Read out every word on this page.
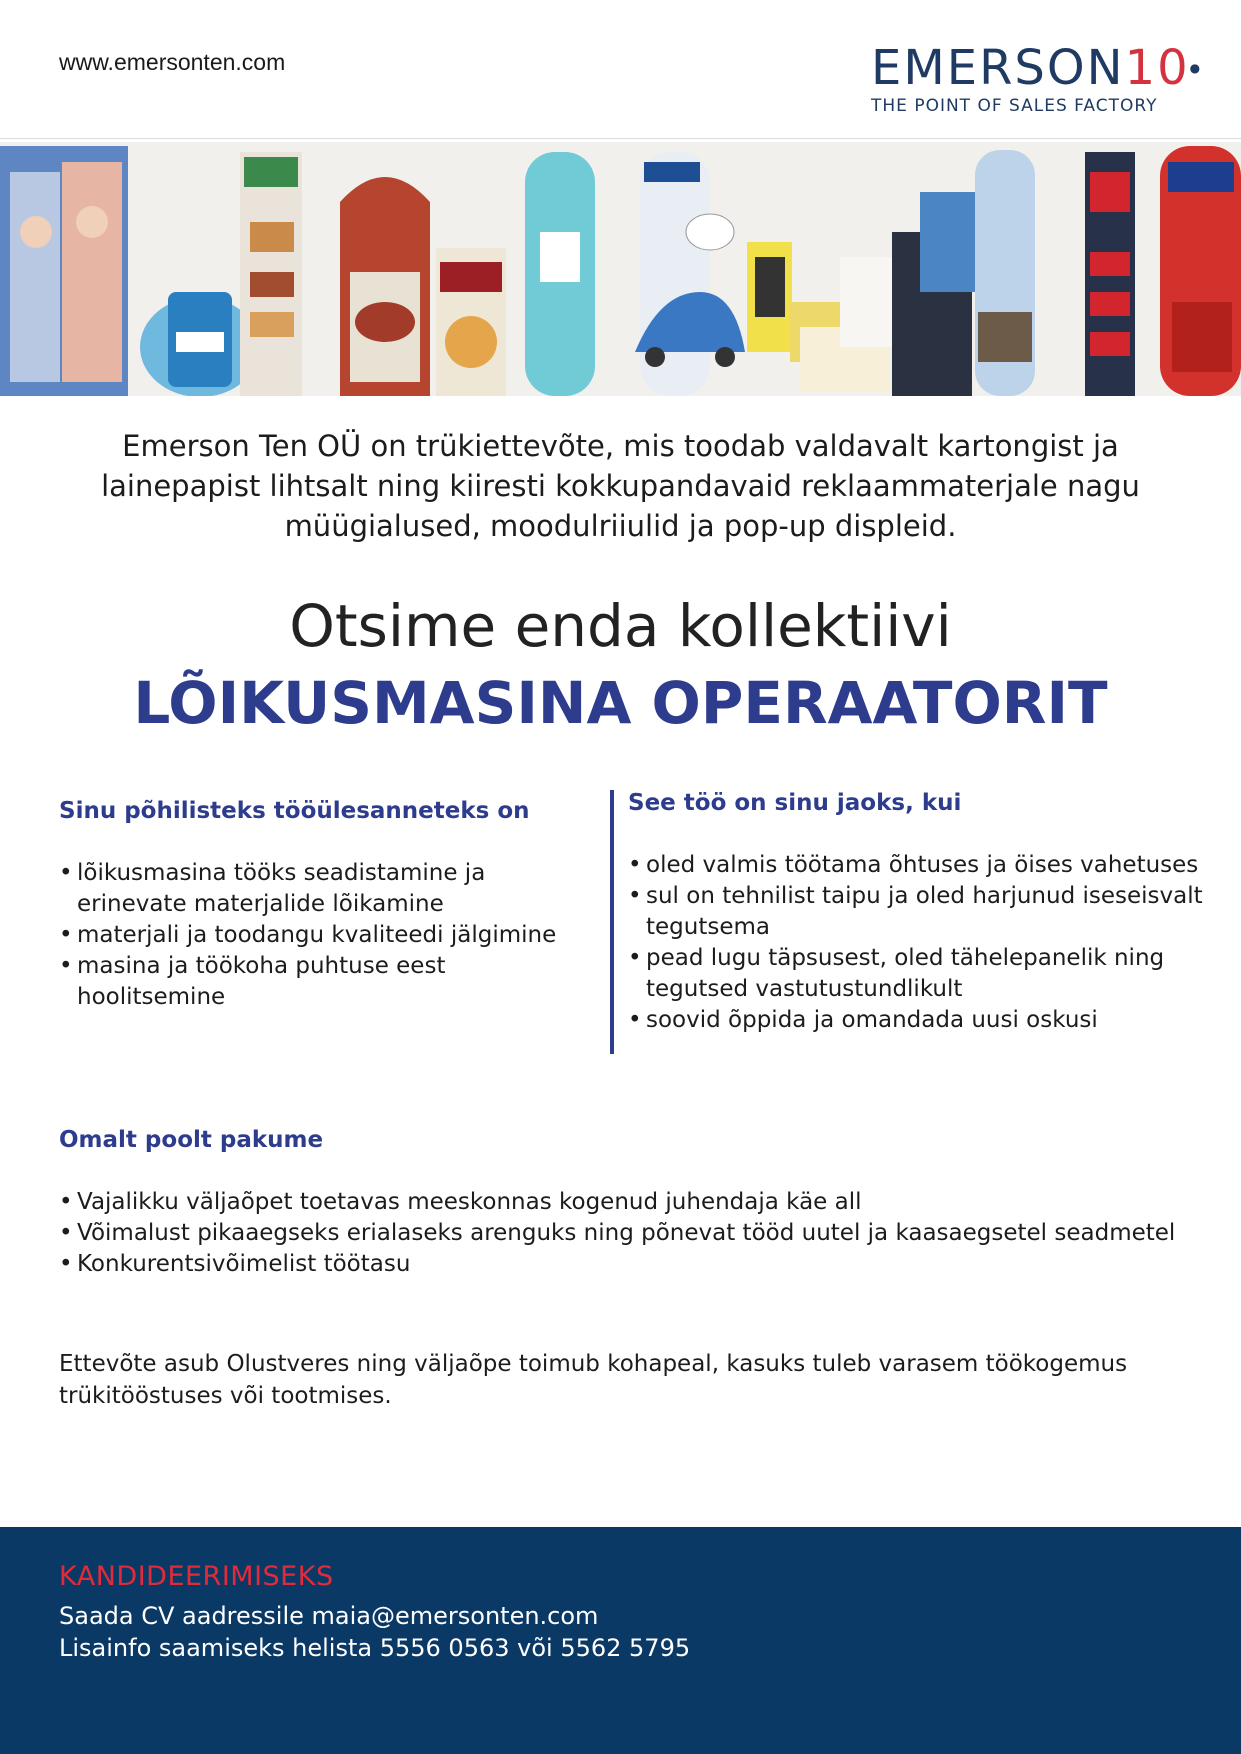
www.emersonten.com	EMERSON10●
THE POINT OF SALES FACTORY
Emerson Ten OÜ on trükiettevõte, mis toodab valdavalt kartongist ja lainepapist lihtsalt ning kiiresti kokkupandavaid reklaammaterjale nagu müügialused, moodulriiulid ja pop-up displeid.
Otsime enda kollektiivi
LÕIKUSMASINA OPERAATORIT
Sinu põhilisteks tööülesanneteks on
• lõikusmasina tööks seadistamine ja erinevate materjalide lõikamine
• materjali ja toodangu kvaliteedi jälgimine
• masina ja töökoha puhtuse eest hoolitsemine
See töö on sinu jaoks, kui
• oled valmis töötama õhtuses ja öises vahetuses
• sul on tehnilist taipu ja oled harjunud iseseisvalt tegutsema
• pead lugu täpsusest, oled tähelepanelik ning tegutsed vastutustundlikult
• soovid õppida ja omandada uusi oskusi
Omalt poolt pakume
• Vajalikku väljaõpet toetavas meeskonnas kogenud juhendaja käe all
• Võimalust pikaaegseks erialaseks arenguks ning põnevat tööd uutel ja kaasaegsetel seadmetel
• Konkurentsivõimelist töötasu
Ettevõte asub Olustveres ning väljaõpe toimub kohapeal, kasuks tuleb varasem töökogemus trükitööstuses või tootmises.
KANDIDEERIMISEKS
Saada CV aadressile maia@emersonten.com
Lisainfo saamiseks helista 5556 0563 või 5562 5795
